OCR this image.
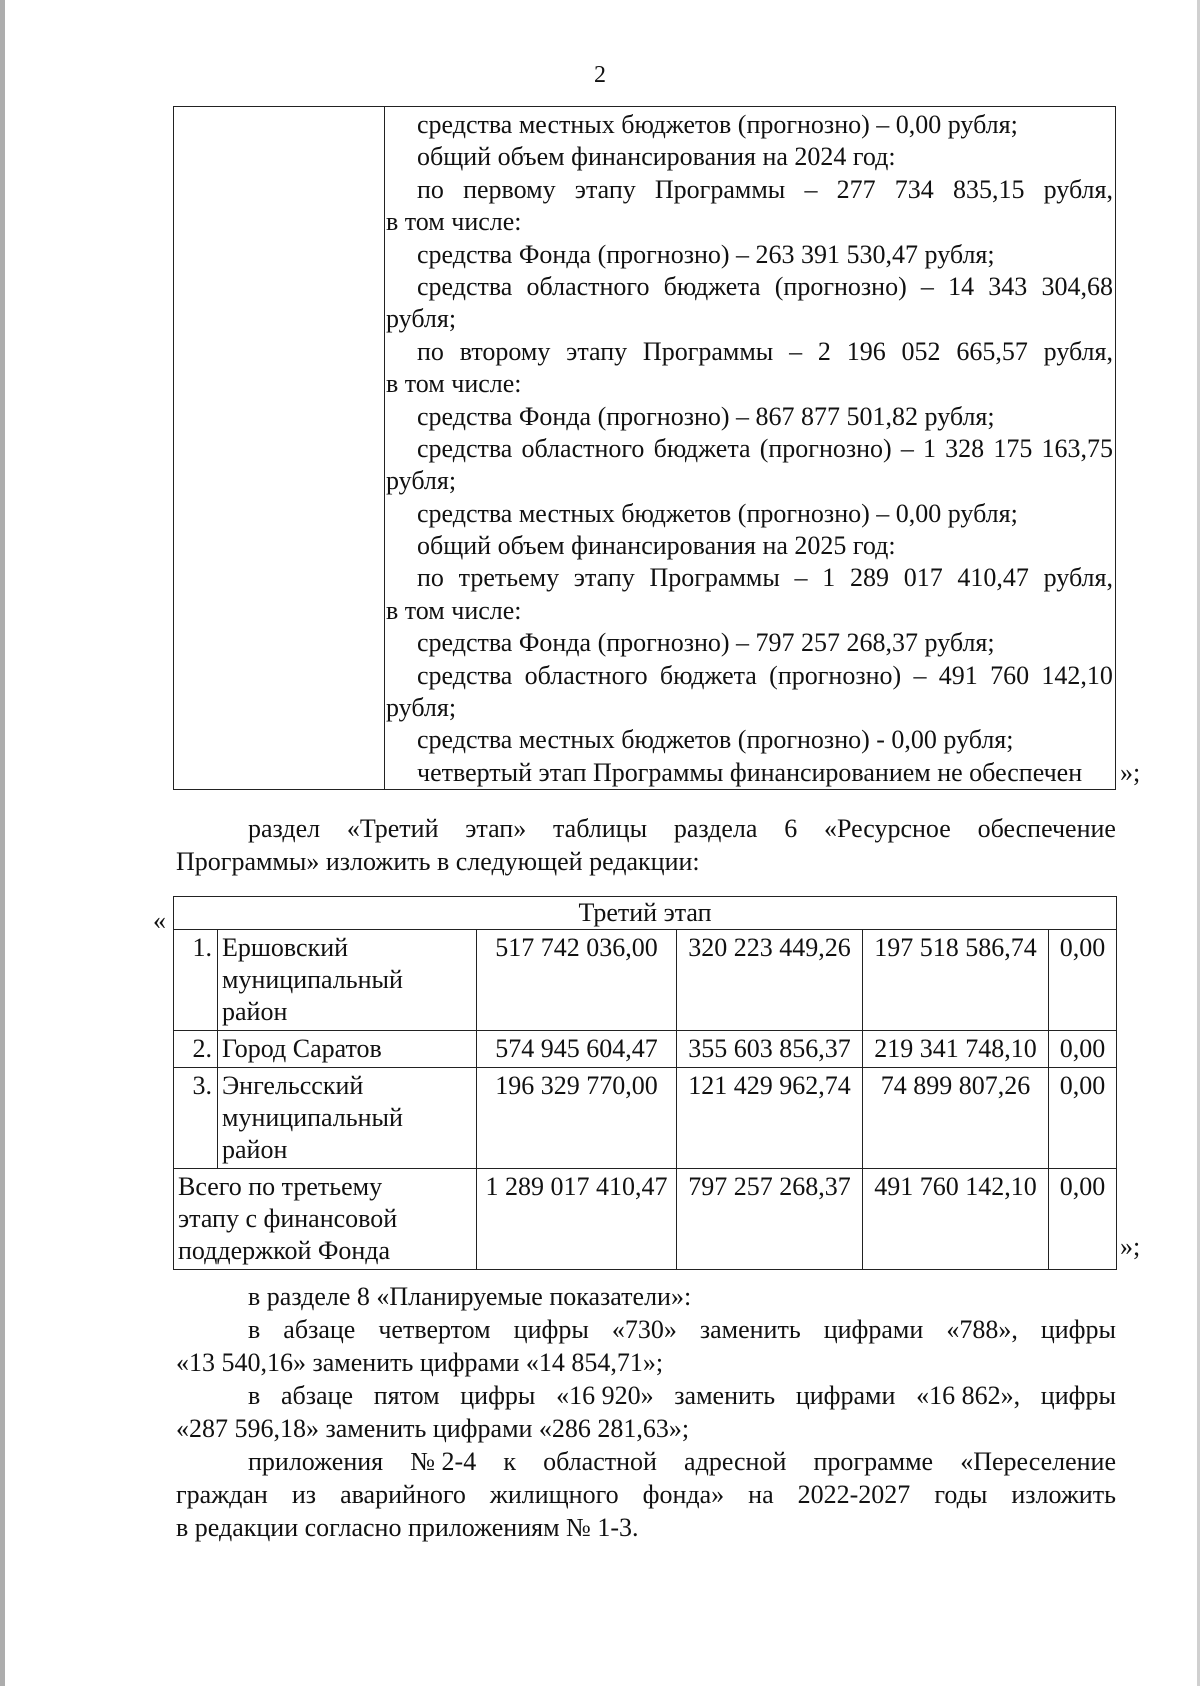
2
средства местных бюджетов (прогнозно) – 0,00 рубля;
общий объем финансирования на 2024 год:
по первому этапу Программы – 277 734 835,15 рубля,
в том числе:
средства Фонда (прогнозно) – 263 391 530,47 рубля;
средства областного бюджета (прогнозно) – 14 343 304,68
рубля;
по второму этапу Программы – 2 196 052 665,57 рубля,
в том числе:
средства Фонда (прогнозно) – 867 877 501,82 рубля;
средства областного бюджета (прогнозно) – 1 328 175 163,75
рубля;
средства местных бюджетов (прогнозно) – 0,00 рубля;
общий объем финансирования на 2025 год:
по третьему этапу Программы – 1 289 017 410,47 рубля,
в том числе:
средства Фонда (прогнозно) – 797 257 268,37 рубля;
средства областного бюджета (прогнозно) – 491 760 142,10
рубля;
средства местных бюджетов (прогнозно) - 0,00 рубля;
четвертый этап Программы финансированием не обеспечен	»;
раздел «Третий этап» таблицы раздела 6 «Ресурсное обеспечение
Программы» изложить в следующей редакции:
«	Третий этап					
1.	Ершовский
муниципальный
район	517 742 036,00	320 223 449,26	197 518 586,74	0,00
2.	Город Саратов	574 945 604,47	355 603 856,37	219 341 748,10	0,00
3.	Энгельсский
муниципальный
район	196 329 770,00	121 429 962,74	74 899 807,26	0,00

Всего по третьему
этапу с финансовой
поддержкой Фонда		1 289 017 410,47	797 257 268,37	491 760 142,10	0,00
»;
в разделе 8 «Планируемые показатели»:
в абзаце четвертом цифры «730» заменить цифрами «788», цифры
«13 540,16» заменить цифрами «14 854,71»;
в абзаце пятом цифры «16 920» заменить цифрами «16 862», цифры
«287 596,18» заменить цифрами «286 281,63»;
приложения № 2-4 к областной адресной программе «Переселение
граждан из аварийного жилищного фонда» на 2022-2027 годы изложить
в редакции согласно приложениям № 1-3.
